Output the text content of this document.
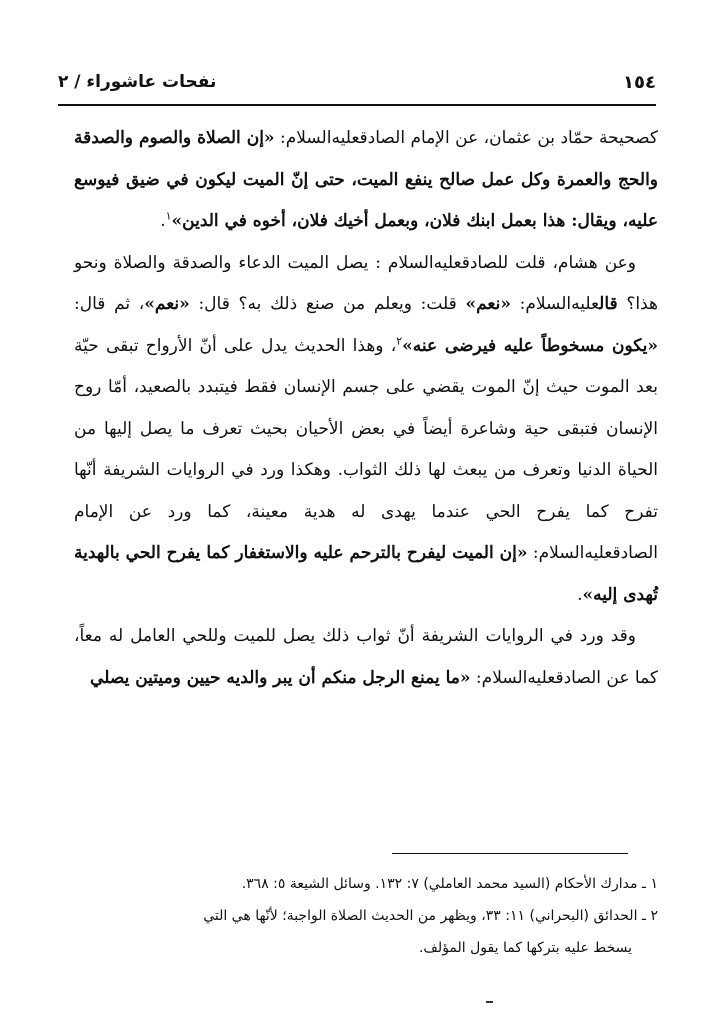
١٥٤
نفحات عاشوراء / ٢

كصحيحة حمّاد بن عثمان، عن الإمام الصادقعليه‌السلام: «إن الصلاة والصوم والصدقة والحج والعمرة وكل عمل صالح ينفع الميت، حتى إنّ الميت ليكون في ضيق فيوسع عليه، ويقال: هذا بعمل ابنك فلان، وبعمل أخيك فلان، أخوه في الدين»$^١$.

وعن هشام، قلت للصادقعليه‌السلام : يصل الميت الدعاء والصدقة والصلاة ونحو هذا؟ قالعليه‌السلام: «نعم» قلت: ويعلم من صنع ذلك به؟ قال: «نعم»، ثم قال: «يكون مسخوطاً عليه فيرضى عنه»$^٢$، وهذا الحديث يدل على أنّ الأرواح تبقى حيّة بعد الموت حيث إنّ الموت يقضي على جسم الإنسان فقط فيتبدد بالصعيد، أمّا روح الإنسان فتبقى حية وشاعرة أيضاً في بعض الأحيان بحيث تعرف ما يصل إليها من الحياة الدنيا وتعرف من يبعث لها ذلك الثواب. وهكذا ورد في الروايات الشريفة أنّها تفرح كما يفرح الحي عندما يهدى له هدية معينة، كما ورد عن الإمام الصادقعليه‌السلام: «إن الميت ليفرح بالترحم عليه والاستغفار كما يفرح الحي بالهدية تُهدى إليه».

وقد ورد في الروايات الشريفة أنّ ثواب ذلك يصل للميت وللحي العامل له معاً، كما عن الصادقعليه‌السلام: «ما يمنع الرجل منكم أن يبر والديه حيين وميتين يصلي

١ ـ مدارك الأحكام (السيد محمد العاملي) ٧: ١٣٢. وسائل الشيعة ٥: ٣٦٨.

٢ ـ الحدائق (البحراني) ١١: ٣٣، ويظهر من الحديث الصلاة الواجبة؛ لأنّها هي التي

يسخط عليه بتركها كما يقول المؤلف.
